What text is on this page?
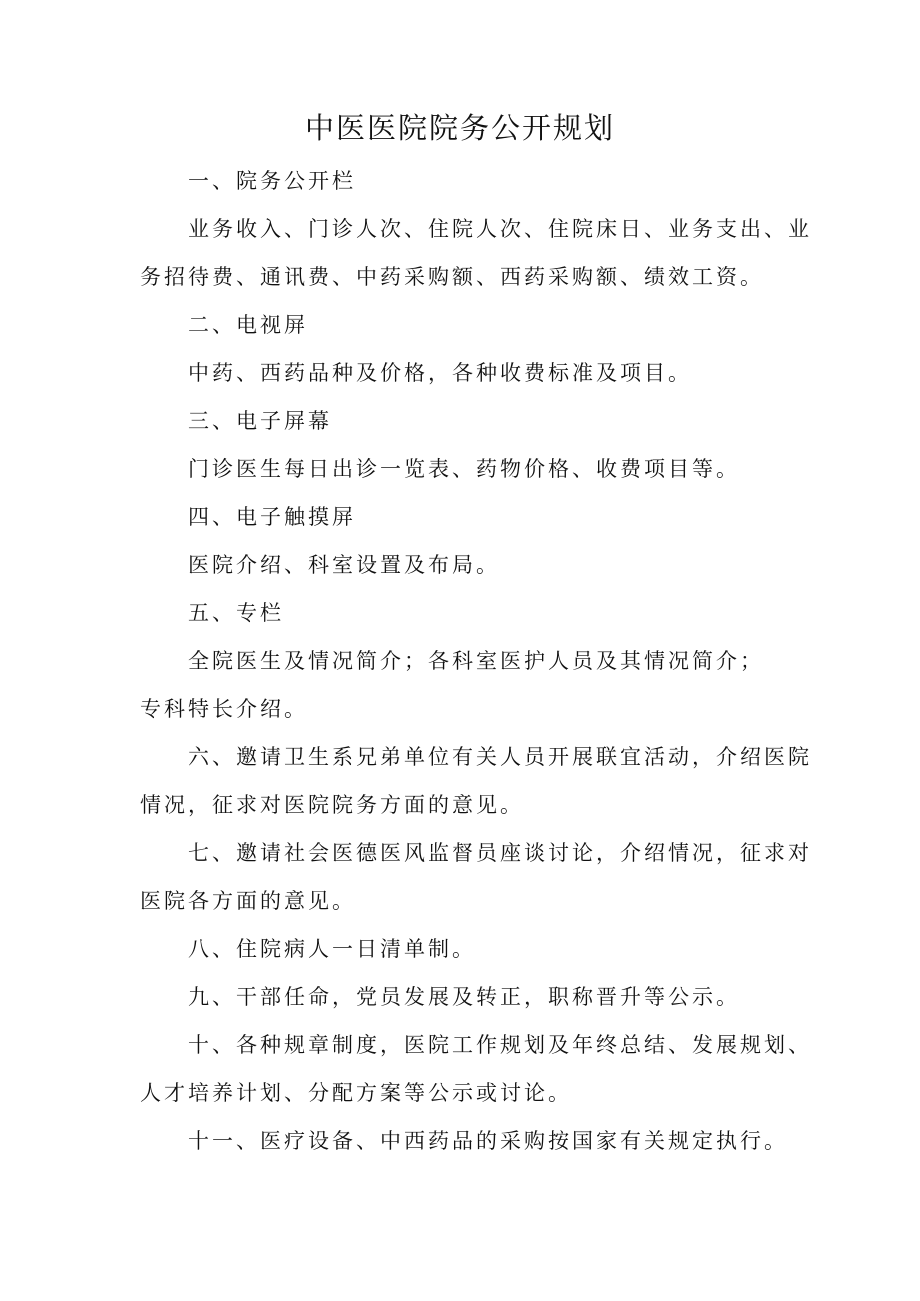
中医医院院务公开规划
一、院务公开栏
业务收入、门诊人次、住院人次、住院床日、业务支出、业
务招待费、通讯费、中药采购额、西药采购额、绩效工资。
二、电视屏
中药、西药品种及价格，各种收费标准及项目。
三、电子屏幕
门诊医生每日出诊一览表、药物价格、收费项目等。
四、电子触摸屏
医院介绍、科室设置及布局。
五、专栏
全院医生及情况简介；各科室医护人员及其情况简介；
专科特长介绍。
六、邀请卫生系兄弟单位有关人员开展联宜活动，介绍医院
情况，征求对医院院务方面的意见。
七、邀请社会医德医风监督员座谈讨论，介绍情况，征求对
医院各方面的意见。
八、住院病人一日清单制。
九、干部任命，党员发展及转正，职称晋升等公示。
十、各种规章制度，医院工作规划及年终总结、发展规划、
人才培养计划、分配方案等公示或讨论。
十一、医疗设备、中西药品的采购按国家有关规定执行。
